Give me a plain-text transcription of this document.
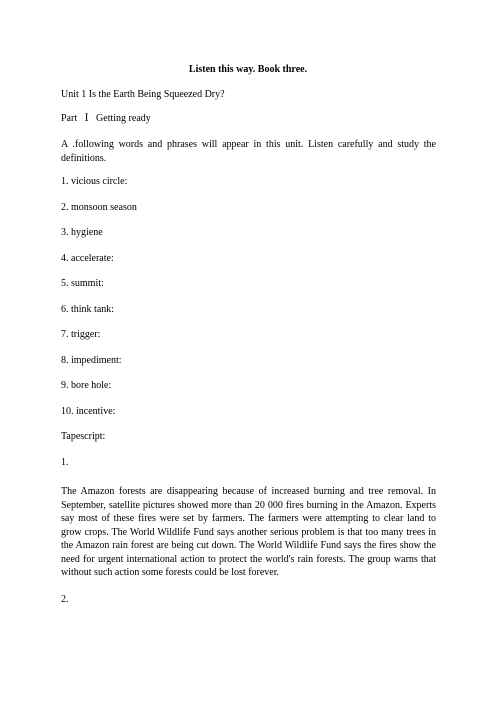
Listen this way. Book three.
Unit 1 Is the Earth Being Squeezed Dry?
Part   Ⅰ   Getting ready
A .following words and phrases will appear in this unit. Listen carefully and study the definitions.
1. vicious circle:
2. monsoon season
3. hygiene
4. accelerate:
5. summit:
6. think tank:
7. trigger:
8. impediment:
9. bore hole:
10. incentive:
Tapescript:
1.
The Amazon forests are disappearing because of increased burning and tree removal. In September, satellite pictures showed more than 20 000 fires burning in the Amazon. Experts say most of these fires were set by farmers. The farmers were attempting to clear land to grow crops. The World Wildlife Fund says another serious problem is that too many trees in the Amazon rain forest are being cut down. The World Wildlife Fund says the fires show the need for urgent international action to protect the world's rain forests. The group warns that without such action some forests could be lost forever.
2.
